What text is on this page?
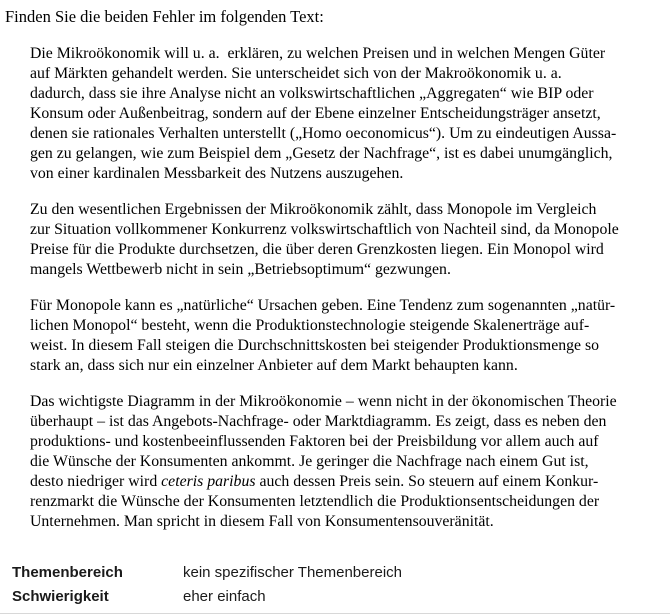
Finden Sie die beiden Fehler im folgenden Text:
Die Mikroökonomik will u. a.  erklären, zu welchen Preisen und in welchen Mengen Güter
auf Märkten gehandelt werden. Sie unterscheidet sich von der Makroökonomik u. a.
dadurch, dass sie ihre Analyse nicht an volkswirtschaftlichen „Aggregaten“ wie BIP oder
Konsum oder Außenbeitrag, sondern auf der Ebene einzelner Entscheidungsträger ansetzt,
denen sie rationales Verhalten unterstellt („Homo oeconomicus“). Um zu eindeutigen Aussa-
gen zu gelangen, wie zum Beispiel dem „Gesetz der Nachfrage“, ist es dabei unumgänglich,
von einer kardinalen Messbarkeit des Nutzens auszugehen.
Zu den wesentlichen Ergebnissen der Mikroökonomik zählt, dass Monopole im Vergleich
zur Situation vollkommener Konkurrenz volkswirtschaftlich von Nachteil sind, da Monopole
Preise für die Produkte durchsetzen, die über deren Grenzkosten liegen. Ein Monopol wird
mangels Wettbewerb nicht in sein „Betriebsoptimum“ gezwungen.
Für Monopole kann es „natürliche“ Ursachen geben. Eine Tendenz zum sogenannten „natür-
lichen Monopol“ besteht, wenn die Produktionstechnologie steigende Skalenerträge auf-
weist. In diesem Fall steigen die Durchschnittskosten bei steigender Produktionsmenge so
stark an, dass sich nur ein einzelner Anbieter auf dem Markt behaupten kann.
Das wichtigste Diagramm in der Mikroökonomie – wenn nicht in der ökonomischen Theorie
überhaupt – ist das Angebots-Nachfrage- oder Marktdiagramm. Es zeigt, dass es neben den
produktions- und kostenbeeinflussenden Faktoren bei der Preisbildung vor allem auch auf
die Wünsche der Konsumenten ankommt. Je geringer die Nachfrage nach einem Gut ist,
desto niedriger wird ceteris paribus auch dessen Preis sein. So steuern auf einem Konkur-
renzmarkt die Wünsche der Konsumenten letztendlich die Produktionsentscheidungen der
Unternehmen. Man spricht in diesem Fall von Konsumentensouveränität.
Themenbereich	kein spezifischer Themenbereich
Schwierigkeit	eher einfach
